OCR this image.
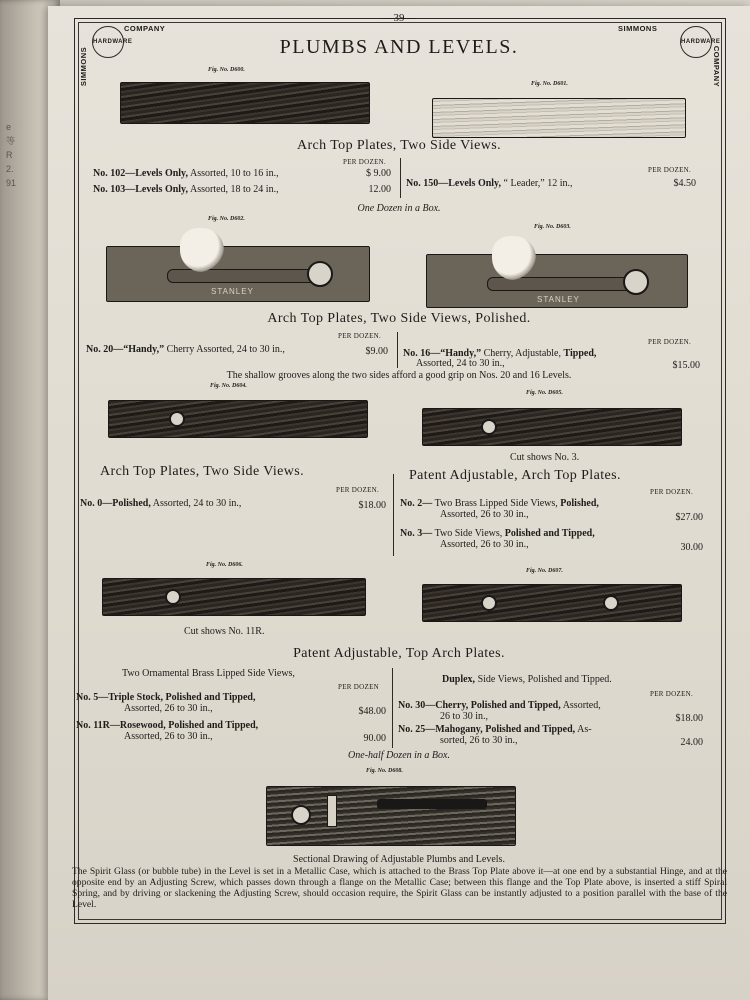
e
等
R
2.
91
—39—
COMPANY
SIMMONS
HARDWARE
SIMMONS
COMPANY
HARDWARE
PLUMBS AND LEVELS.
Fig. No. D600.
Fig. No. D601.
Arch Top Plates, Two Side Views.
PER DOZEN.
No. 102—Levels Only, Assorted, 10 to 16 in.,	$ 9.00
No. 103—Levels Only, Assorted, 18 to 24 in.,	12.00
PER DOZEN.
No. 150—Levels Only, “ Leader,” 12 in.,	$4.50
One Dozen in a Box.
Fig. No. D602.
STANLEY
Fig. No. D603.
STANLEY
Arch Top Plates, Two Side Views, Polished.
PER DOZEN.
No. 20—“Handy,” Cherry Assorted, 24 to 30 in.,	$9.00
PER DOZEN.
No. 16—“Handy,” Cherry, Adjustable, Tipped,
Assorted, 24 to 30 in.,	$15.00
The shallow grooves along the two sides afford a good grip on Nos. 20 and 16 Levels.
Fig. No. D604.
Fig. No. D605.
Cut shows No. 3.
Arch Top Plates, Two Side Views.
PER DOZEN.
No. 0—Polished, Assorted, 24 to 30 in.,	$18.00
Patent Adjustable, Arch Top Plates.
PER DOZEN.
No. 2— Two Brass Lipped Side Views, Polished,
Assorted, 26 to 30 in.,	$27.00
No. 3— Two Side Views, Polished and Tipped,
Assorted, 26 to 30 in.,	30.00
Fig. No. D606.
Fig. No. D607.
Cut shows No. 11R.
Patent Adjustable, Top Arch Plates.
Two Ornamental Brass Lipped Side Views,
PER DOZEN
No. 5—Triple Stock, Polished and Tipped,
Assorted, 26 to 30 in.,	$48.00
No. 11R—Rosewood, Polished and Tipped,
Assorted, 26 to 30 in.,	90.00
Duplex, Side Views, Polished and Tipped.
PER DOZEN.
No. 30—Cherry, Polished and Tipped, Assorted,
26 to 30 in.,	$18.00
No. 25—Mahogany, Polished and Tipped, As-
sorted, 26 to 30 in.,	24.00
One-half Dozen in a Box.
Fig. No. D608.
Sectional Drawing of Adjustable Plumbs and Levels.
The Spirit Glass (or bubble tube) in the Level is set in a Metallic Case, which is attached to the Brass Top Plate above it—at one end by a substantial Hinge, and at the opposite end by an Adjusting Screw, which passes down through a flange on the Metallic Case; between this flange and the Top Plate above, is inserted a stiff Spiral Spring, and by driving or slackening the Adjusting Screw, should occasion require, the Spirit Glass can be instantly adjusted to a position parallel with the base of the Level.
